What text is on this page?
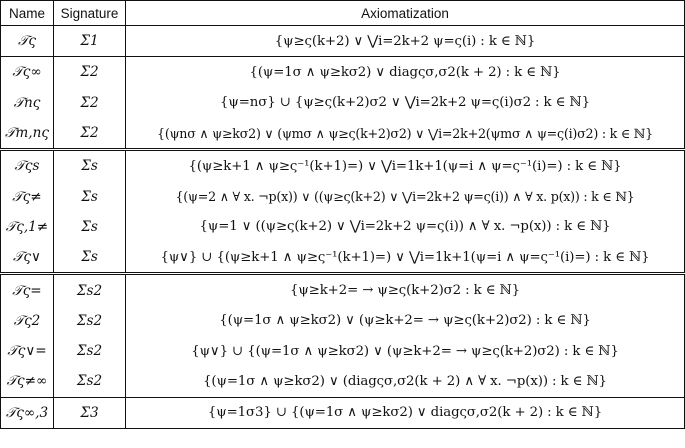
Name	Signature	Axiomatization
𝒯ς	Σ1	{ψ≥ς(k+2) ∨ ⋁i=2k+2 ψ=ς(i) : k ∈ ℕ}
𝒯ς∞	Σ2	{(ψ=1σ ∧ ψ≥kσ2) ∨ diagςσ,σ2(k + 2) : k ∈ ℕ}
𝒯nς	Σ2	{ψ=nσ} ∪ {ψ≥ς(k+2)σ2 ∨ ⋁i=2k+2 ψ=ς(i)σ2 : k ∈ ℕ}
𝒯m,nς	Σ2	{(ψnσ ∧ ψ≥kσ2) ∨ (ψmσ ∧ ψ≥ς(k+2)σ2) ∨ ⋁i=2k+2(ψmσ ∧ ψ=ς(i)σ2) : k ∈ ℕ}
𝒯ςs	Σs	{(ψ≥k+1 ∧ ψ≥ς⁻¹(k+1)=) ∨ ⋁i=1k+1(ψ=i ∧ ψ=ς⁻¹(i)=) : k ∈ ℕ}
𝒯ς≠	Σs	{(ψ=2 ∧ ∀ x. ¬p(x)) ∨ ((ψ≥ς(k+2) ∨ ⋁i=2k+2 ψ=ς(i)) ∧ ∀ x. p(x)) : k ∈ ℕ}
𝒯ς,1≠	Σs	{ψ=1 ∨ ((ψ≥ς(k+2) ∨ ⋁i=2k+2 ψ=ς(i)) ∧ ∀ x. ¬p(x)) : k ∈ ℕ}
𝒯ς∨	Σs	{ψ∨} ∪ {(ψ≥k+1 ∧ ψ≥ς⁻¹(k+1)=) ∨ ⋁i=1k+1(ψ=i ∧ ψ=ς⁻¹(i)=) : k ∈ ℕ}
𝒯ς=	Σs2	{ψ≥k+2= → ψ≥ς(k+2)σ2 : k ∈ ℕ}
𝒯ς2	Σs2	{(ψ=1σ ∧ ψ≥kσ2) ∨ (ψ≥k+2= → ψ≥ς(k+2)σ2) : k ∈ ℕ}
𝒯ς∨=	Σs2	{ψ∨} ∪ {(ψ=1σ ∧ ψ≥kσ2) ∨ (ψ≥k+2= → ψ≥ς(k+2)σ2) : k ∈ ℕ}
𝒯ς≠∞	Σs2	{(ψ=1σ ∧ ψ≥kσ2) ∨ (diagςσ,σ2(k + 2) ∧ ∀ x. ¬p(x)) : k ∈ ℕ}
𝒯ς∞,3	Σ3	{ψ=1σ3} ∪ {(ψ=1σ ∧ ψ≥kσ2) ∨ diagςσ,σ2(k + 2) : k ∈ ℕ}
